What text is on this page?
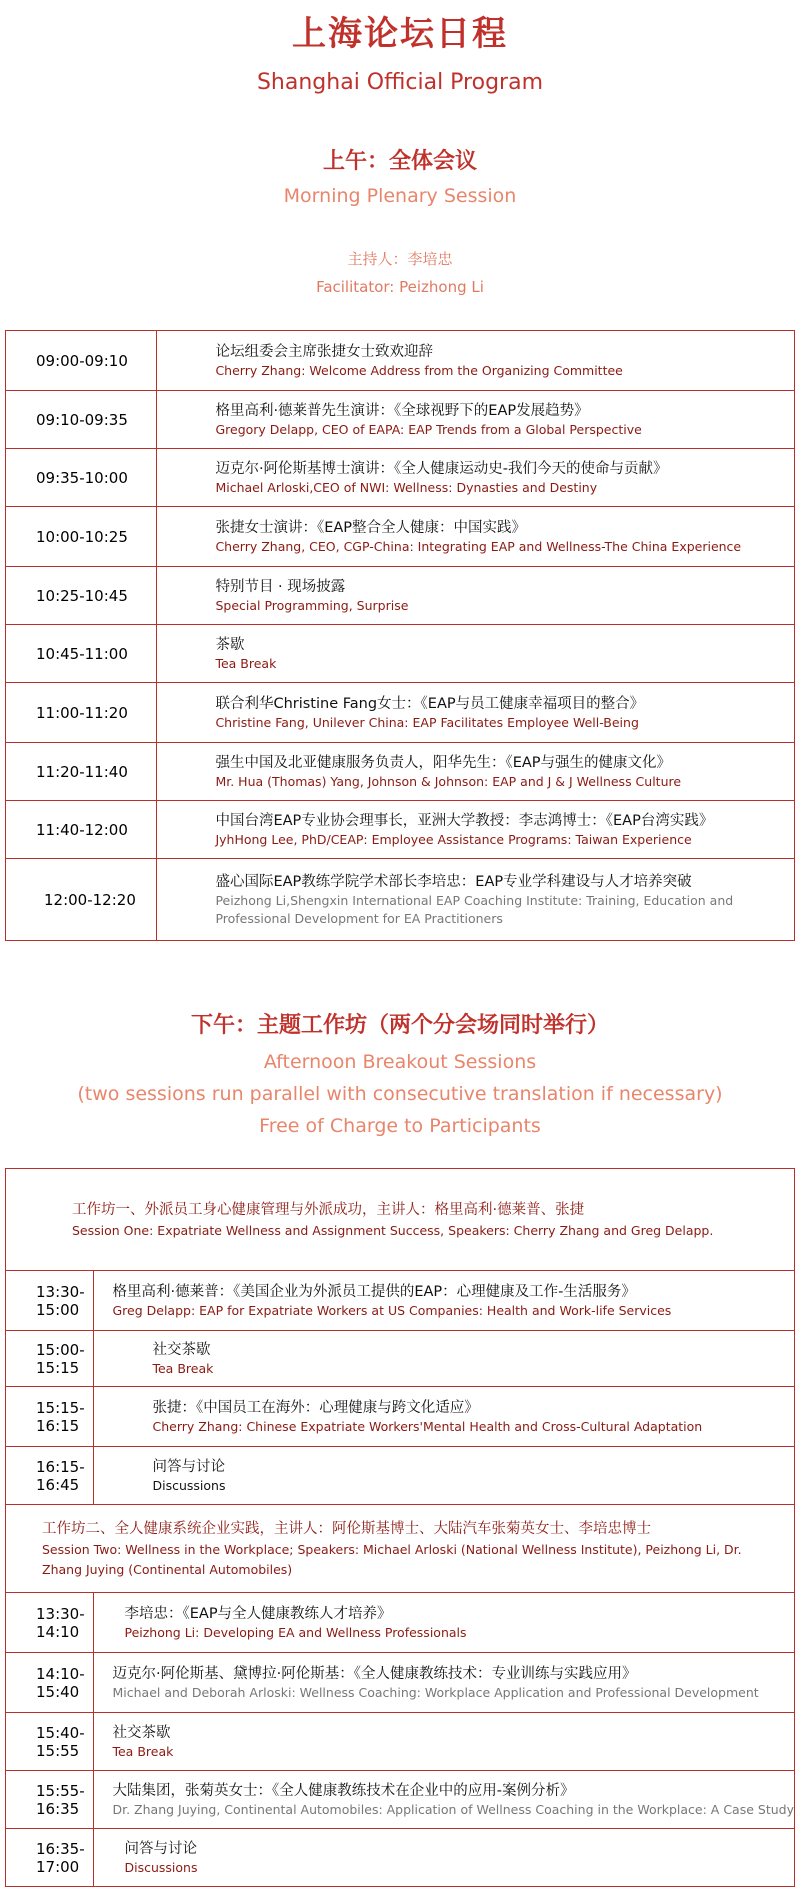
上海论坛日程
Shanghai Official Program
上午：全体会议
Morning Plenary Session
主持人：李培忠
Facilitator: Peizhong Li
09:00-09:10	论坛组委会主席张捷女士致欢迎辞
Cherry Zhang: Welcome Address from the Organizing Committee

09:10-09:35	格里高利·德莱普先生演讲：《全球视野下的EAP发展趋势》
Gregory Delapp, CEO of EAPA: EAP Trends from a Global Perspective

09:35-10:00	迈克尔·阿伦斯基博士演讲：《全人健康运动史-我们今天的使命与贡献》
Michael Arloski,CEO of NWI: Wellness: Dynasties and Destiny

10:00-10:25	张捷女士演讲：《EAP整合全人健康：中国实践》
Cherry Zhang, CEO, CGP-China: Integrating EAP and Wellness-The China Experience

10:25-10:45	特别节目 · 现场披露
Special Programming, Surprise

10:45-11:00	茶歇
Tea Break

11:00-11:20	联合利华Christine Fang女士：《EAP与员工健康幸福项目的整合》
Christine Fang, Unilever China: EAP Facilitates Employee Well-Being

11:20-11:40	强生中国及北亚健康服务负责人，阳华先生：《EAP与强生的健康文化》
Mr. Hua (Thomas) Yang, Johnson & Johnson: EAP and J & J Wellness Culture

11:40-12:00	中国台湾EAP专业协会理事长，亚洲大学教授：李志鸿博士：《EAP台湾实践》
JyhHong Lee, PhD/CEAP: Employee Assistance Programs: Taiwan Experience

12:00-12:20	盛心国际EAP教练学院学术部长李培忠：EAP专业学科建设与人才培养突破
Peizhong Li,Shengxin International EAP Coaching Institute: Training, Education and Professional Development for EA Practitioners
下午：主题工作坊（两个分会场同时举行）
Afternoon Breakout Sessions
(two sessions run parallel with consecutive translation if necessary)
Free of Charge to Participants
工作坊一、外派员工身心健康管理与外派成功，主讲人：格里高利·德莱普、张捷
Session One: Expatriate Wellness and Assignment Success, Speakers: Cherry Zhang and Greg Delapp.	

13:30-15:00	格里高利·德莱普：《美国企业为外派员工提供的EAP：心理健康及工作-生活服务》
Greg Delapp: EAP for Expatriate Workers at US Companies: Health and Work-life Services

15:00-15:15	社交茶歇
Tea Break

15:15-16:15	张捷：《中国员工在海外：心理健康与跨文化适应》
Cherry Zhang: Chinese Expatriate Workers'Mental Health and Cross-Cultural Adaptation

16:15-16:45	问答与讨论
Discussions

工作坊二、全人健康系统企业实践，主讲人：阿伦斯基博士、大陆汽车张菊英女士、李培忠博士
Session Two: Wellness in the Workplace; Speakers: Michael Arloski (National Wellness Institute), Peizhong Li, Dr. Zhang Juying (Continental Automobiles)	

13:30-14:10	李培忠：《EAP与全人健康教练人才培养》
Peizhong Li: Developing EA and Wellness Professionals

14:10-15:40	迈克尔·阿伦斯基、黛博拉·阿伦斯基：《全人健康教练技术：专业训练与实践应用》
Michael and Deborah Arloski: Wellness Coaching: Workplace Application and Professional Development

15:40-15:55	社交茶歇
Tea Break

15:55-16:35	大陆集团，张菊英女士：《全人健康教练技术在企业中的应用-案例分析》
Dr. Zhang Juying, Continental Automobiles: Application of Wellness Coaching in the Workplace: A Case Study

16:35-17:00	问答与讨论
Discussions
